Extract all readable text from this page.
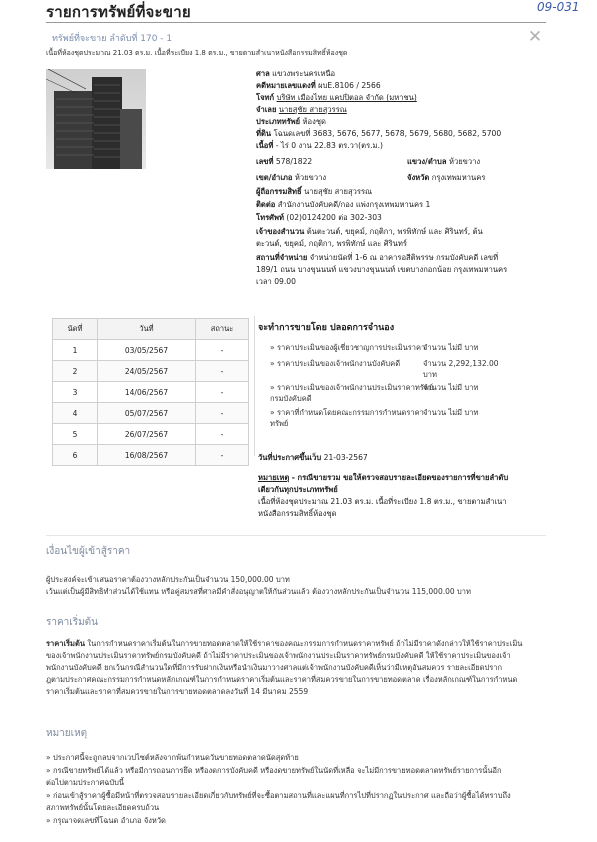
รายการทรัพย์ที่จะขาย	09-031
ทรัพย์ที่จะขาย ลำดับที่ 170 - 1	✕
เนื้อที่ห้องชุดประมาณ 21.03 ตร.ม. เนื้อที่ระเบียง 1.8 ตร.ม., ขายตามสำเนาหนังสือกรรมสิทธิ์ห้องชุด
ศาล แขวงพระนครเหนือ
คดีหมายเลขแดงที่ ผบE.8106 / 2566
โจทก์ บริษัท เมืองไทย แคปปิตอล จำกัด (มหาชน)
จำเลย นายสุชัย สายสุวรรณ
ประเภททรัพย์ ห้องชุด
ที่ดิน โฉนดเลขที่ 3683, 5676, 5677, 5678, 5679, 5680, 5682, 5700
เนื้อที่ - ไร่ 0 งาน 22.83 ตร.วา(ตร.ม.)
เลขที่ 578/1822	แขวง/ตำบล ห้วยขวาง
เขต/อำเภอ ห้วยขวาง	จังหวัด กรุงเทพมหานคร
ผู้ถือกรรมสิทธิ์ นายสุชัย สายสุวรรณ
ติดต่อ สำนักงานบังคับคดี/กอง แพ่งกรุงเทพมหานคร 1
โทรศัพท์ (02)0124200 ต่อ 302-303
เจ้าของสำนวน ต้นตะวนต์, ขยุคม์, กฤติกา, พรพิทักษ์ และ ศิรินทร์, ต้น
ตะวนต์, ขยุคม์, กฤติกา, พรพิทักษ์ และ ศิรินทร์
สถานที่จำหน่าย จำหน่ายนัดที่ 1-6 ณ อาคารอสีติพรรษ กรมบังคับคดี เลขที่
189/1 ถนน บางขุนนนท์ แขวงบางขุนนนท์ เขตบางกอกน้อย กรุงเทพมหานคร
เวลา 09.00
นัดที่	วันที่	สถานะ
1	03/05/2567	-
2	24/05/2567	-
3	14/06/2567	-
4	05/07/2567	-
5	26/07/2567	-
6	16/08/2567	-
จะทำการขายโดย ปลอดการจำนอง
» ราคาประเมินของผู้เชี่ยวชาญการประเมินราคา
จำนวน ไม่มี บาท
» ราคาประเมินของเจ้าพนักงานบังคับคดี	จำนวน 2,292,132.00
บาท
» ราคาประเมินของเจ้าพนักงานประเมินราคาทรัพย์
กรมบังคับคดี
จำนวน ไม่มี บาท
» ราคาที่กำหนดโดยคณะกรรมการกำหนดราคา
ทรัพย์
จำนวน ไม่มี บาท
วันที่ประกาศขึ้นเว็บ 21-03-2567
หมายเหตุ - กรณีขายรวม ขอให้ตรวจสอบรายละเอียดของรายการที่ขายลำดับ
เดียวกันทุกประเภททรัพย์
เนื้อที่ห้องชุดประมาณ 21.03 ตร.ม. เนื้อที่ระเบียง 1.8 ตร.ม., ขายตามสำเนา
หนังสือกรรมสิทธิ์ห้องชุด
เงื่อนไขผู้เข้าสู้ราคา
ผู้ประสงค์จะเข้าเสนอราคาต้องวางหลักประกันเป็นจำนวน 150,000.00 บาท
เว้นแต่เป็นผู้มีสิทธิทำส่วนได้ใช้แทน หรือคู่สมรสที่ศาลมีคำสั่งอนุญาตให้กันส่วนแล้ว ต้องวางหลักประกันเป็นจำนวน 115,000.00 บาท
ราคาเริ่มต้น
ราคาเริ่มต้น ในการกำหนดราคาเริ่มต้นในการขายทอดตลาดให้ใช้ราคาของคณะกรรมการกำหนดราคาทรัพย์ ถ้าไม่มีราคาดังกล่าวให้ใช้ราคาประเมิน
ของเจ้าพนักงานประเมินราคาทรัพย์กรมบังคับคดี ถ้าไม่มีราคาประเมินของเจ้าพนักงานประเมินราคาทรัพย์กรมบังคับคดี ให้ใช้ราคาประเมินของเจ้า
พนักงานบังคับคดี ยกเว้นกรณีสำนวนใดที่มีการรับฝากเงินหรือนำเงินมาวางศาลแต่เจ้าพนักงานบังคับคดีเห็นว่ามีเหตุอันสมควร รายละเอียดปราก
ฎตามประกาศคณะกรรมการกำหนดหลักเกณฑ์ในการกำหนดราคาเริ่มต้นและราคาที่สมควรขายในการขายทอดตลาด เรื่องหลักเกณฑ์ในการกำหนด
ราคาเริ่มต้นและราคาที่สมควรขายในการขายทอดตลาดลงวันที่ 14 มีนาคม 2559
หมายเหตุ
» ประกาศนี้จะถูกลบจากเวปไซต์หลังจากพ้นกำหนดวันขายทอดตลาดนัดสุดท้าย
» กรณีขายทรัพย์ได้แล้ว หรือมีการถอนการยึด หรืองดการบังคับคดี หรืองดขายทรัพย์ในนัดที่เหลือ จะไม่มีการขายทอดตลาดทรัพย์รายการนั้นอีก
ต่อไปตามประกาศฉบับนี้
» ก่อนเข้าสู้ราคาผู้ซื้อมีหน้าที่ตรวจสอบรายละเอียดเกี่ยวกับทรัพย์ที่จะซื้อตามสถานที่และแผนที่การไปที่ปรากฏในประกาศ และถือว่าผู้ซื้อได้ทราบถึง
สภาพทรัพย์นั้นโดยละเอียดครบถ้วน
» กรุณาจดเลขที่โฉนด อำเภอ จังหวัด
